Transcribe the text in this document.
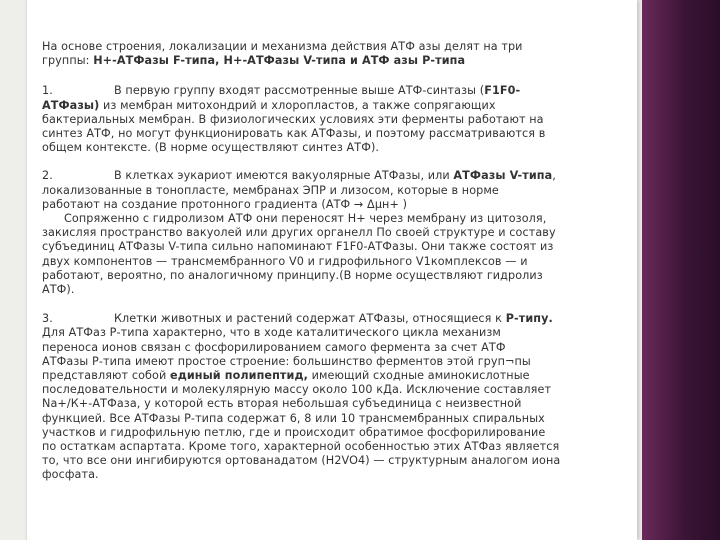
На основе строения, локализации и механизма действия АТФ азы делят на три
группы: Н+-АТФазы F-типа, H+-АТФазы V-типа и АТФ азы Р-типа
1.	В первую группу входят рассмотренные выше АТФ-синтазы (F1F0-
АТФазы) из мембран митохондрий и хлоропластов, а также сопрягающих
бактериальных мембран. В физиологических условиях эти ферменты работают на
синтез АТФ, но могут функционировать как АТФазы, и поэтому рассматриваются в
общем контексте. (В норме осуществляют синтез АТФ).
2.	В клетках эукариот имеются вакуолярные АТФазы, или АТФазы V-типа,
локализованные в тонопласте, мембранах ЭПР и лизосом, которые в норме
работают на создание протонного градиента (АТФ → Δμн+ )
Сопряженно с гидролизом АТФ они переносят Н+ через мембрану из цитозоля,
закисляя пространство вакуолей или других органелл По своей структуре и составу
субъединиц АТФазы V-типа сильно напоминают F1F0-АТФазы. Они также состоят из
двух компонентов — трансмембранного V0 и гидрофильного V1комплексов — и
работают, вероятно, по аналогичному принципу.(В норме осуществляют гидролиз
АТФ).
3.	Клетки животных и растений содержат АТФазы, относящиеся к Р-типу.
Для АТФаз Р-типа характерно, что в ходе каталитического цикла механизм
переноса ионов связан с фосфорилированием самого фермента за счет АТФ
АТФазы Р-типа имеют простое строение: большинство ферментов этой груп¬пы
представляют собой единый полипептид, имеющий сходные аминокислотные
последовательности и молекулярную массу около 100 кДа. Исключение составляет
Nа+/К+-АТФаза, у которой есть вторая небольшая субъединица с неизвестной
функцией. Все АТФазы Р-типа содержат 6, 8 или 10 трансмембранных спиральных
участков и гидрофильную петлю, где и происходит обратимое фосфорилирование
по остаткам аспартата. Кроме того, характерной особенностью этих АТФаз является
то, что все они ингибируются ортованадатом (H2VO4) — структурным аналогом иона
фосфата.
